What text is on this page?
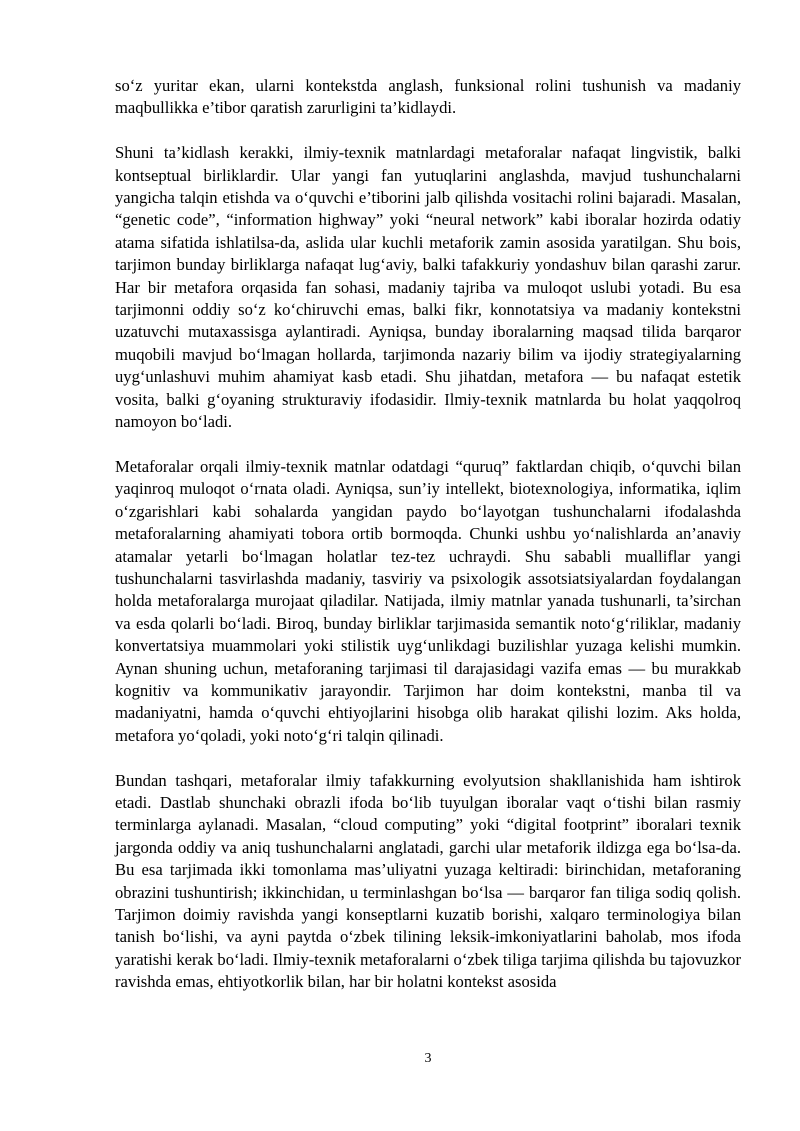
so‘z yuritar ekan, ularni kontekstda anglash, funksional rolini tushunish va madaniy maqbullikka e’tibor qaratish zarurligini ta’kidlaydi.

Shuni ta’kidlash kerakki, ilmiy-texnik matnlardagi metaforalar nafaqat lingvistik, balki kontseptual birliklardir. Ular yangi fan yutuqlarini anglashda, mavjud tushunchalarni yangicha talqin etishda va o‘quvchi e’tiborini jalb qilishda vositachi rolini bajaradi. Masalan, “genetic code”, “information highway” yoki “neural network” kabi iboralar hozirda odatiy atama sifatida ishlatilsa-da, aslida ular kuchli metaforik zamin asosida yaratilgan. Shu bois, tarjimon bunday birliklarga nafaqat lug‘aviy, balki tafakkuriy yondashuv bilan qarashi zarur. Har bir metafora orqasida fan sohasi, madaniy tajriba va muloqot uslubi yotadi. Bu esa tarjimonni oddiy so‘z ko‘chiruvchi emas, balki fikr, konnotatsiya va madaniy kontekstni uzatuvchi mutaxassisga aylantiradi. Ayniqsa, bunday iboralarning maqsad tilida barqaror muqobili mavjud bo‘lmagan hollarda, tarjimonda nazariy bilim va ijodiy strategiyalarning uyg‘unlashuvi muhim ahamiyat kasb etadi. Shu jihatdan, metafora — bu nafaqat estetik vosita, balki g‘oyaning strukturaviy ifodasidir. Ilmiy-texnik matnlarda bu holat yaqqolroq namoyon bo‘ladi.

Metaforalar orqali ilmiy-texnik matnlar odatdagi “quruq” faktlardan chiqib, o‘quvchi bilan yaqinroq muloqot o‘rnata oladi. Ayniqsa, sun’iy intellekt, biotexnologiya, informatika, iqlim o‘zgarishlari kabi sohalarda yangidan paydo bo‘layotgan tushunchalarni ifodalashda metaforalarning ahamiyati tobora ortib bormoqda. Chunki ushbu yo‘nalishlarda an’anaviy atamalar yetarli bo‘lmagan holatlar tez-tez uchraydi. Shu sababli mualliflar yangi tushunchalarni tasvirlashda madaniy, tasviriy va psixologik assotsiatsiyalardan foydalangan holda metaforalarga murojaat qiladilar. Natijada, ilmiy matnlar yanada tushunarli, ta’sirchan va esda qolarli bo‘ladi. Biroq, bunday birliklar tarjimasida semantik noto‘g‘riliklar, madaniy konvertatsiya muammolari yoki stilistik uyg‘unlikdagi buzilishlar yuzaga kelishi mumkin. Aynan shuning uchun, metaforaning tarjimasi til darajasidagi vazifa emas — bu murakkab kognitiv va kommunikativ jarayondir. Tarjimon har doim kontekstni, manba til va madaniyatni, hamda o‘quvchi ehtiyojlarini hisobga olib harakat qilishi lozim. Aks holda, metafora yo‘qoladi, yoki noto‘g‘ri talqin qilinadi.

Bundan tashqari, metaforalar ilmiy tafakkurning evolyutsion shakllanishida ham ishtirok etadi. Dastlab shunchaki obrazli ifoda bo‘lib tuyulgan iboralar vaqt o‘tishi bilan rasmiy terminlarga aylanadi. Masalan, “cloud computing” yoki “digital footprint” iboralari texnik jargonda oddiy va aniq tushunchalarni anglatadi, garchi ular metaforik ildizga ega bo‘lsa-da. Bu esa tarjimada ikki tomonlama mas’uliyatni yuzaga keltiradi: birinchidan, metaforaning obrazini tushuntirish; ikkinchidan, u terminlashgan bo‘lsa — barqaror fan tiliga sodiq qolish. Tarjimon doimiy ravishda yangi konseptlarni kuzatib borishi, xalqaro terminologiya bilan tanish bo‘lishi, va ayni paytda o‘zbek tilining leksik-imkoniyatlarini baholab, mos ifoda yaratishi kerak bo‘ladi. Ilmiy-texnik metaforalarni o‘zbek tiliga tarjima qilishda bu tajovuzkor ravishda emas, ehtiyotkorlik bilan, har bir holatni kontekst asosida

3
